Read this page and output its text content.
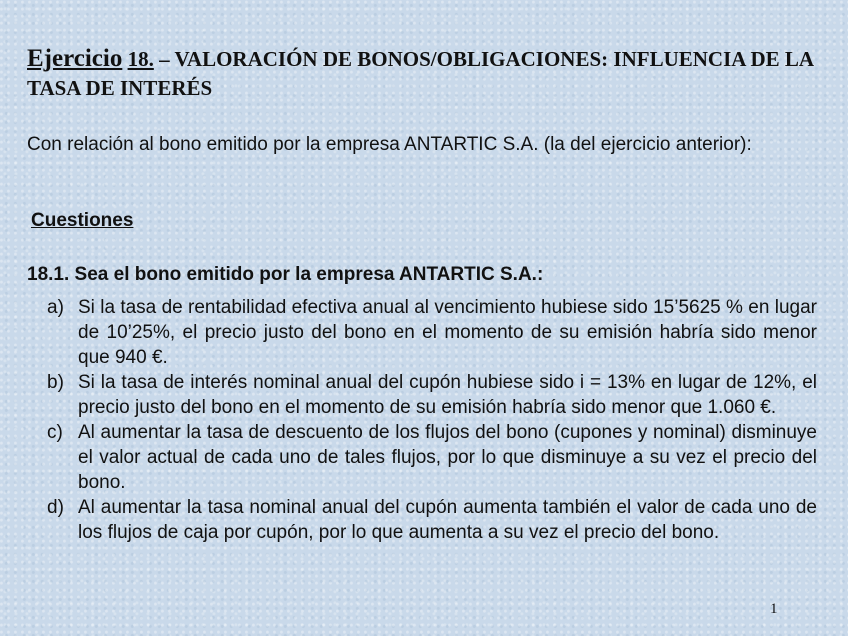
Ejercicio 18. – VALORACIÓN DE BONOS/OBLIGACIONES: INFLUENCIA DE LA TASA DE INTERÉS

Con relación al bono emitido por la empresa ANTARTIC S.A. (la del ejercicio anterior):

Cuestiones

18.1. Sea el bono emitido por la empresa ANTARTIC S.A.:

a) Si la tasa de rentabilidad efectiva anual al vencimiento hubiese sido 15’5625 % en lugar de 10’25%, el precio justo del bono en el momento de su emisión habría sido menor que 940 €.
b) Si la tasa de interés nominal anual del cupón hubiese sido i = 13% en lugar de 12%, el precio justo del bono en el momento de su emisión habría sido menor que 1.060 €.
c) Al aumentar la tasa de descuento de los flujos del bono (cupones y nominal) disminuye el valor actual de cada uno de tales flujos, por lo que disminuye a su vez el precio del bono.
d) Al aumentar la tasa nominal anual del cupón aumenta también el valor de cada uno de los flujos de caja por cupón, por lo que aumenta a su vez el precio del bono.
1
